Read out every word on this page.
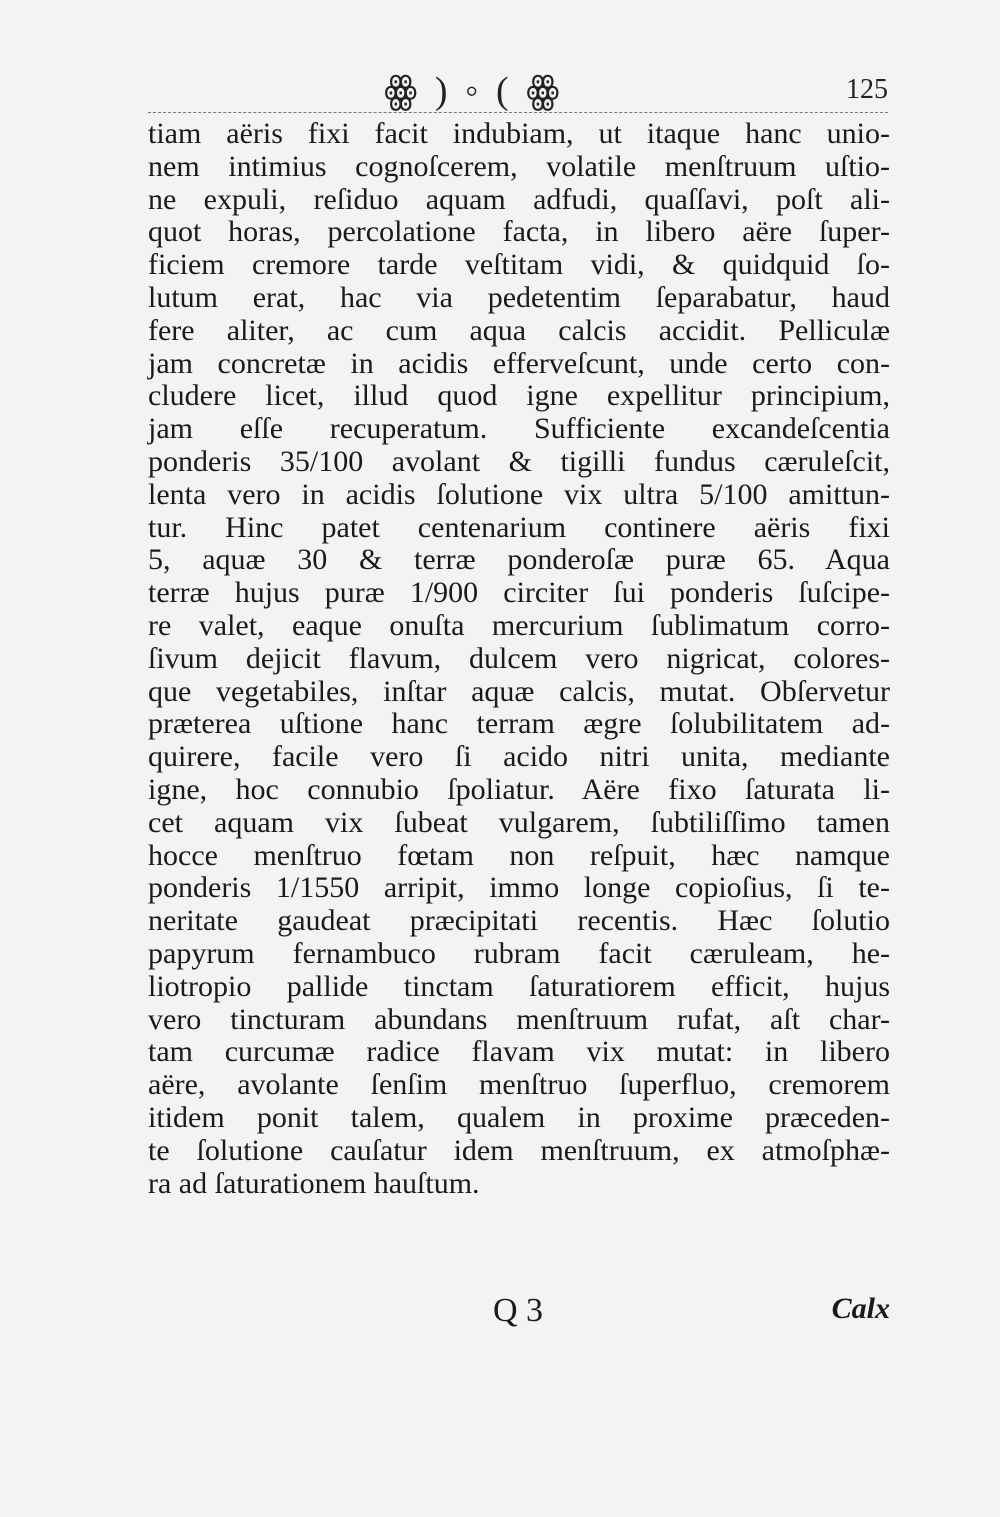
ꙮ ) ◦ ( ꙮ	125
tiam aëris fixi facit indubiam, ut itaque hanc unio-
nem intimius cognoſcerem, volatile menſtruum uſtio-
ne expuli, reſiduo aquam adfudi, quaſſavi, poſt ali-
quot horas, percolatione facta, in libero aëre ſuper-
ficiem cremore tarde veſtitam vidi, & quidquid ſo-
lutum erat, hac via pedetentim ſeparabatur, haud
fere aliter, ac cum aqua calcis accidit. Pelliculæ
jam concretæ in acidis efferveſcunt, unde certo con-
cludere licet, illud quod igne expellitur principium,
jam eſſe recuperatum. Sufficiente excandeſcentia
ponderis 35/100 avolant & tigilli fundus cæruleſcit,
lenta vero in acidis ſolutione vix ultra 5/100 amittun-
tur. Hinc patet centenarium continere aëris fixi
5, aquæ 30 & terræ ponderoſæ puræ 65. Aqua
terræ hujus puræ 1/900 circiter ſui ponderis ſuſcipe-
re valet, eaque onuſta mercurium ſublimatum corro-
ſivum dejicit flavum, dulcem vero nigricat, colores-
que vegetabiles, inſtar aquæ calcis, mutat. Obſervetur
præterea uſtione hanc terram ægre ſolubilitatem ad-
quirere, facile vero ſi acido nitri unita, mediante
igne, hoc connubio ſpoliatur. Aëre fixo ſaturata li-
cet aquam vix ſubeat vulgarem, ſubtiliſſimo tamen
hocce menſtruo fœtam non reſpuit, hæc namque
ponderis 1/1550 arripit, immo longe copioſius, ſi te-
neritate gaudeat præcipitati recentis. Hæc ſolutio
papyrum fernambuco rubram facit cæruleam, he-
liotropio pallide tinctam ſaturatiorem efficit, hujus
vero tincturam abundans menſtruum rufat, aſt char-
tam curcumæ radice flavam vix mutat: in libero
aëre, avolante ſenſim menſtruo ſuperfluo, cremorem
itidem ponit talem, qualem in proxime præceden-
te ſolutione cauſatur idem menſtruum, ex atmoſphæ-
ra ad ſaturationem hauſtum.
Q 3	Calx
